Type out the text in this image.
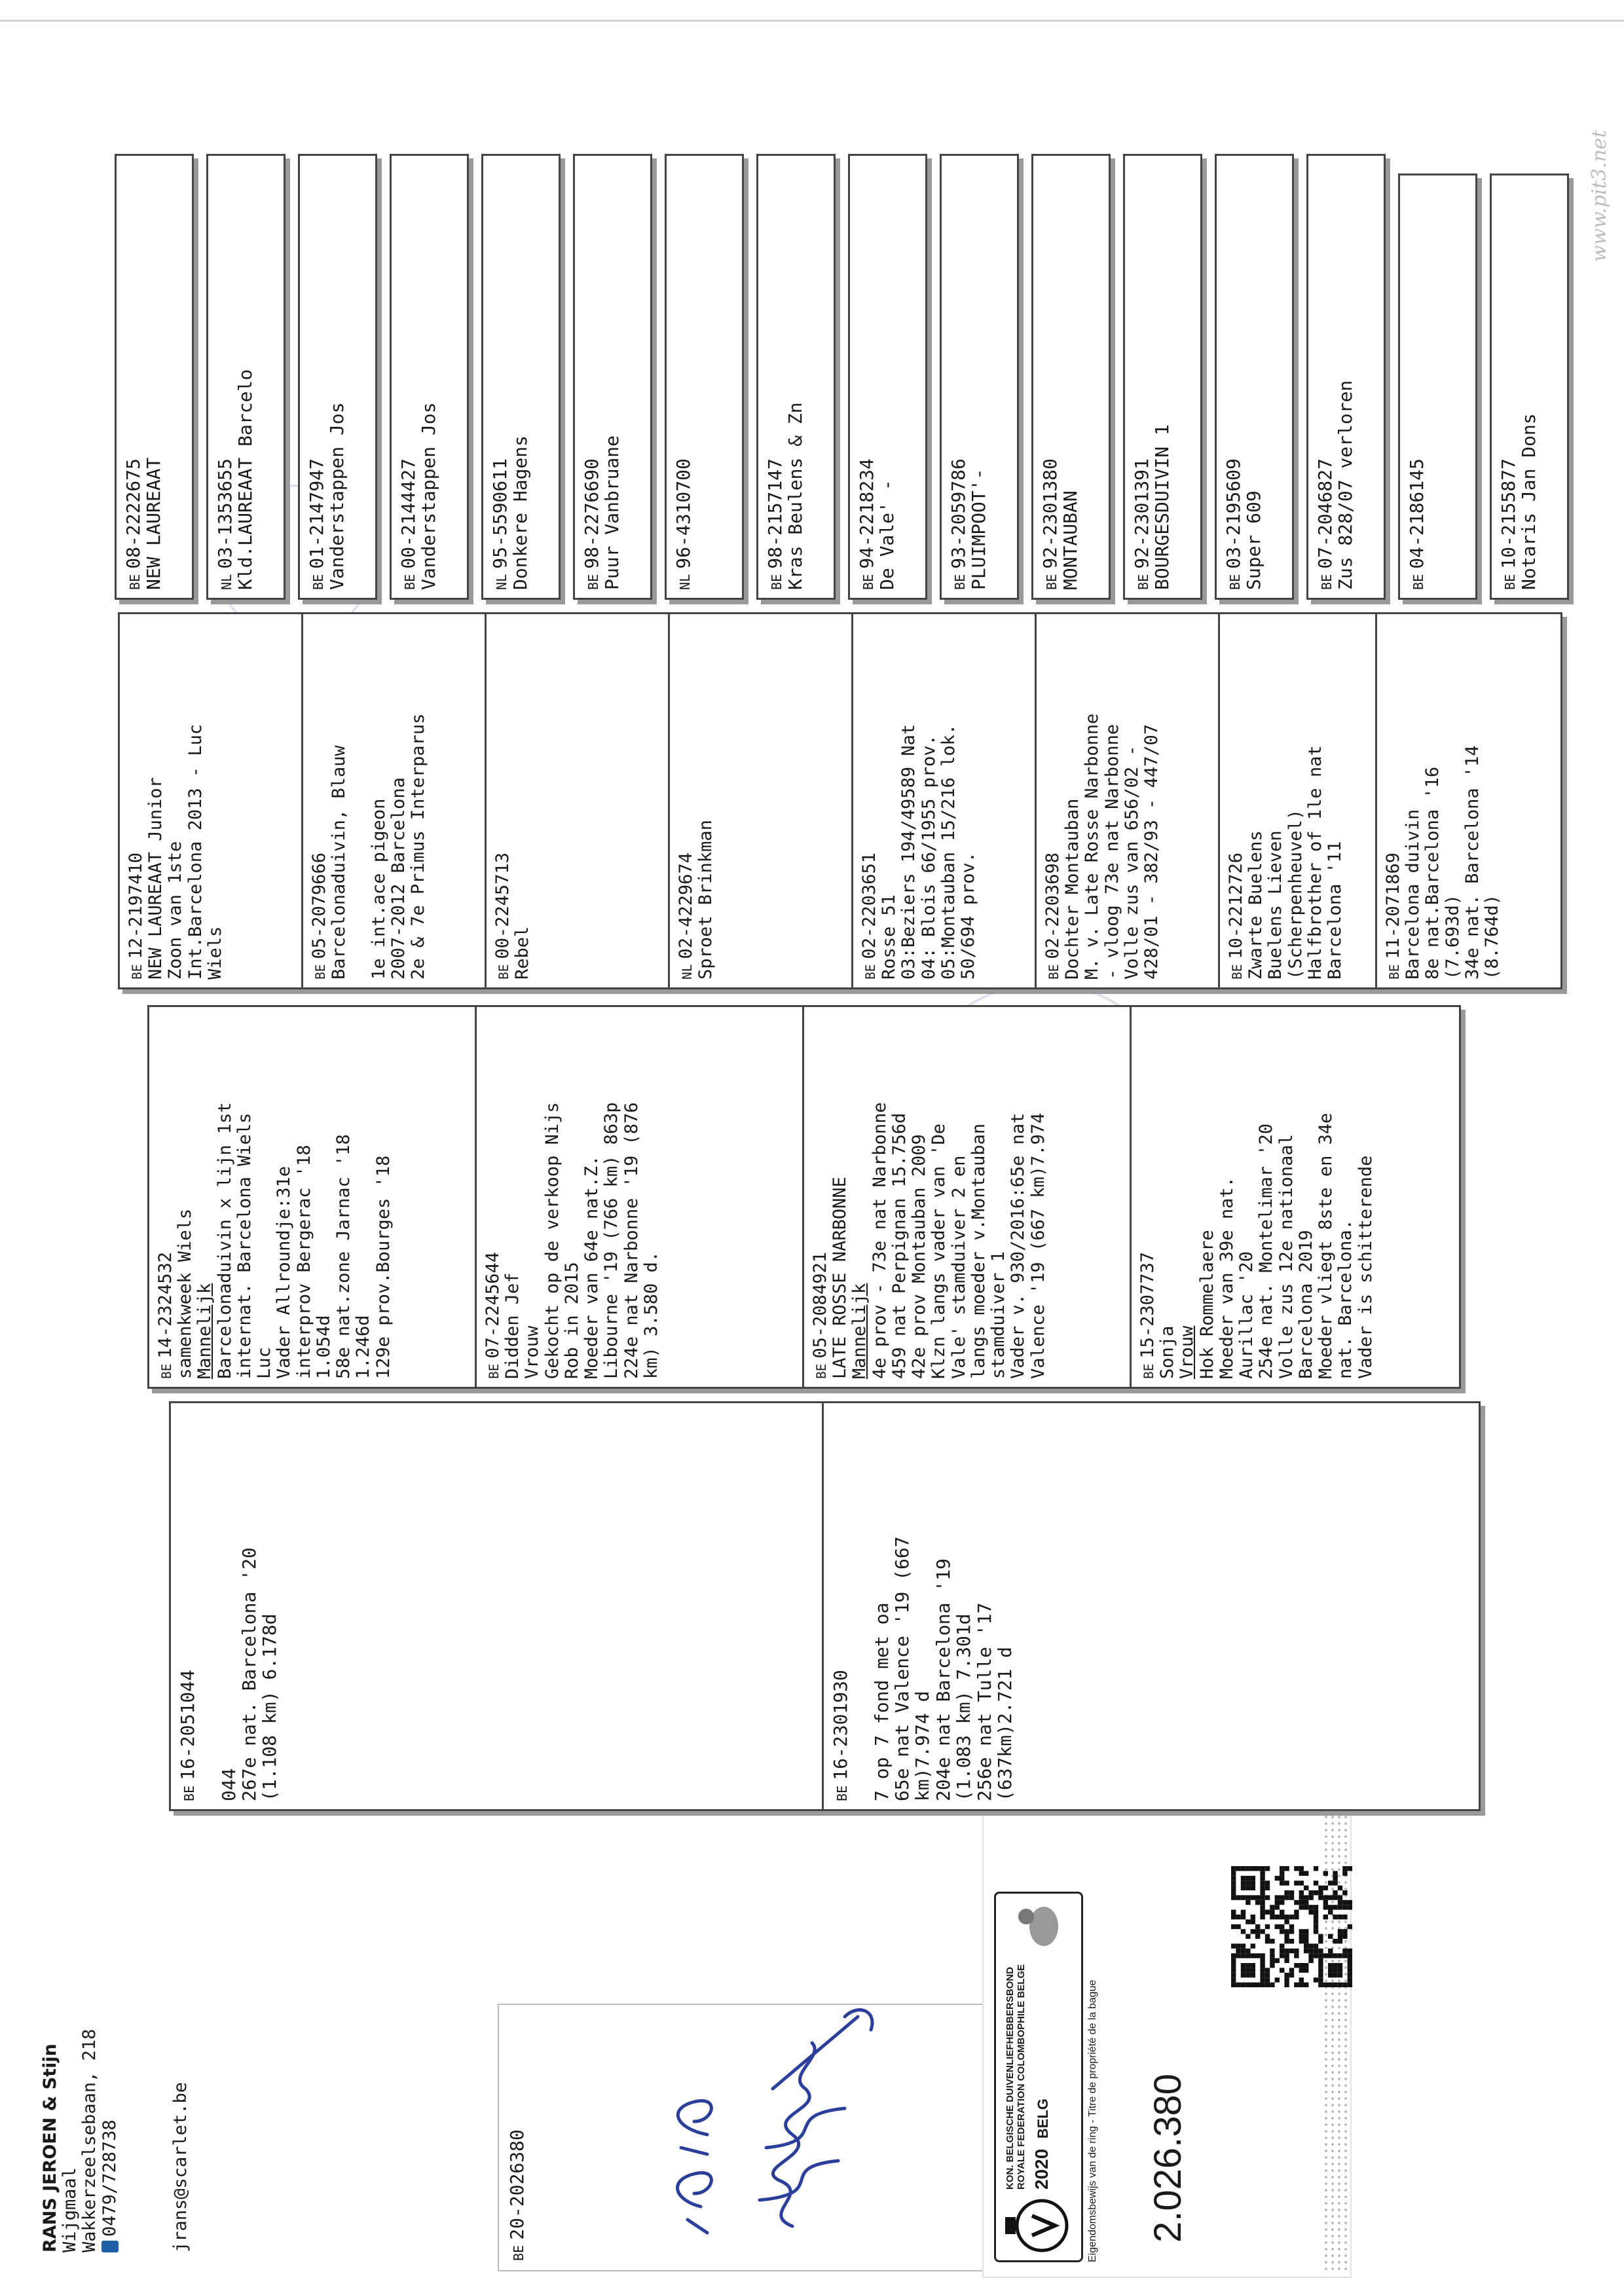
RANS JEROEN & Stijn Wijgmaal Wakkerzeelsebaan, 218 0479/728738	jrans@scarlet.be
BE20-2026380	KON. BELGISCHE DUIVENLIEFHEBBERSBOND ROYALE FEDERATION COLOMBOPHILE BELGE 2020  BELG	Eigendomsbewijs van de ring - Titre de propriété de la bague 2.026.380
www.pit3.net
BE16-2051044

044
267e nat. Barcelona '20
(1.108 km) 6.178d	BE16-2301930
7 op 7 fond met oa
65e nat Valence '19 (667
km)7.974 d
204e nat Barcelona '19
(1.083 km) 7.301d
256e nat Tulle '17
(637km)2.721 d
BE14-2324532 samenkweek Wiels Mannelijk Barcelonaduivin x lijn 1st internat. Barcelona Wiels Luc Vader Allroundje:31e interprov Bergerac '18 1.054d 58e nat.zone Jarnac '18 1.246d 129e prov.Bourges '18	BE07-2245644 Didden Jef Vrouw Gekocht op de verkoop Nijs Rob in 2015 Moeder van 64e nat.Z. Libourne '19 (766 km) 863p 224e nat Narbonne '19 (876 km) 3.580 d.	BE05-2084921 LATE ROSSE NARBONNE Mannelijk 4e prov - 73e nat Narbonne 459 nat Perpignan 15.756d 42e prov Montauban 2009 Klzn langs vader van 'De Vale' stamduiver 2 en langs moeder v.Montauban stamduiver 1 Vader v. 930/2016:65e nat Valence '19 (667 km)7.974	BE15-2307737 Sonja Vrouw Hok Rommelaere Moeder van 39e nat. Aurillac '20 254e nat. Montelimar '20 Volle zus 12e nationaal Barcelona 2019 Moeder vliegt 8ste en 34e nat. Barcelona. Vader is schitterende
BE12-2197410 NEW LAUREAAT Junior Zoon van 1ste Int.Barcelona 2013 - Luc Wiels	BE05-2079666 Barcelonaduivin, Blauw
1e int.ace pigeon 2007-2012 Barcelona 2e & 7e Primus Interparus	BE00-2245713 Rebel	NL02-4229674 Sproet Brinkman	BE02-2203651 Rosse 51 03:Beziers 194/49589 Nat 04: Blois 66/1955 prov. 05:Montauban 15/216 lok. 50/694 prov.	BE02-2203698 Dochter Montauban M. v. Late Rosse Narbonne - vloog 73e nat Narbonne Volle zus van 656/02 - 428/01 - 382/93 - 447/07	BE10-2212726 Zwarte Buelens Buelens Lieven (Scherpenheuvel) Halfbrother of 1le nat Barcelona '11	BE11-2071869 Barcelona duivin 8e nat.Barcelona '16 (7.693d) 34e nat. Barcelona '14 (8.764d)
BE08-2222675
NEW LAUREAAT	NL03-1353655
Kld.LAUREAAT Barcelo	BE01-2147947
Vanderstappen Jos	BE00-2144427
Vanderstappen Jos	NL95-5590611
Donkere Hagens	BE98-2276690
Puur Vanbruane	NL96-4310700
BE98-2157147
Kras Beulens & Zn	BE94-2218234
De Vale' -	BE93-2059786
PLUIMPOOT'-	BE92-2301380
MONTAUBAN	BE92-2301391
BOURGESDUIVIN 1	BE03-2195609
Super 609	BE07-2046827
Zus 828/07 verloren	BE04-2186145
BE10-2155877
Notaris Jan Dons
